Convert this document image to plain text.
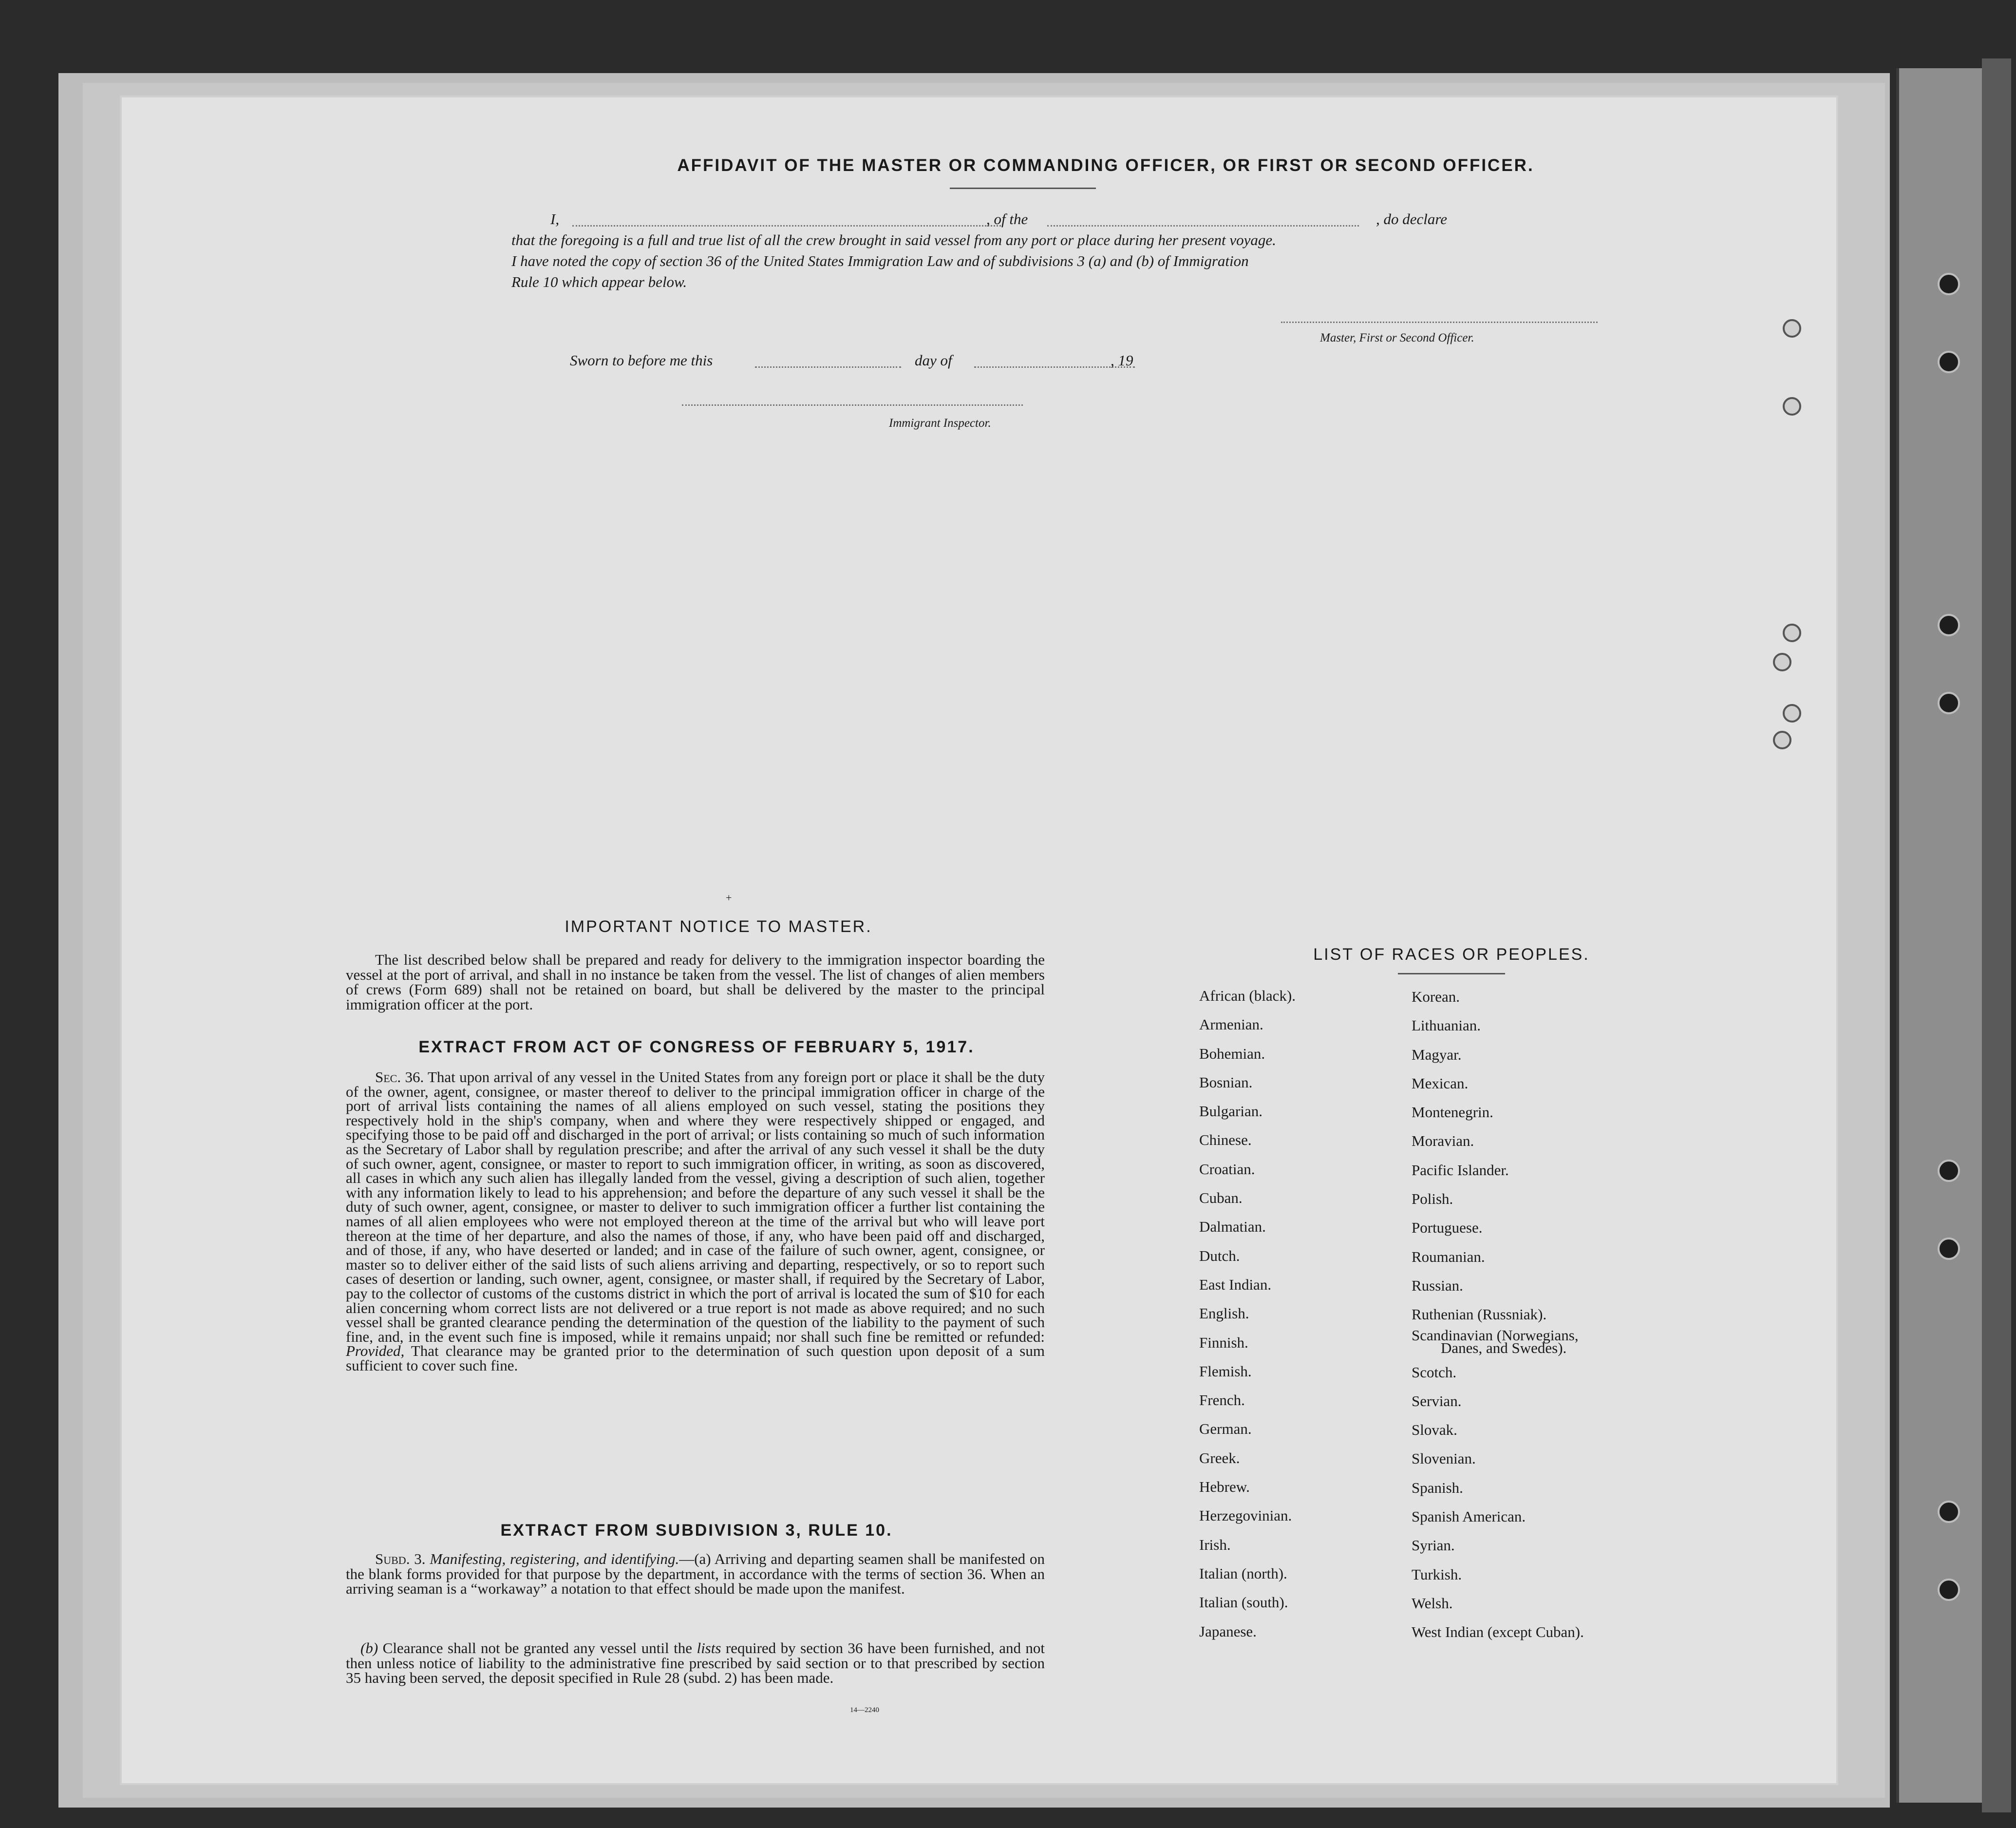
AFFIDAVIT OF THE MASTER OR COMMANDING OFFICER, OR FIRST OR SECOND OFFICER.
I,	, of the	, do declare
that the foregoing is a full and true list of all the crew brought in said vessel from any port or place during her present voyage.
I have noted the copy of section 36 of the United States Immigration Law and of subdivisions 3 (a) and (b) of Immigration
Rule 10 which appear below.
Master, First or Second Officer.
Sworn to before me this	day of	, 19
Immigrant Inspector.
+
IMPORTANT NOTICE TO MASTER.
The list described below shall be prepared and ready for delivery to the immigration inspector boarding the vessel at the port of arrival, and shall in no instance be taken from the vessel. The list of changes of alien members of crews (Form 689) shall not be retained on board, but shall be delivered by the master to the principal immigration officer at the port.
EXTRACT FROM ACT OF CONGRESS OF FEBRUARY 5, 1917.
Sec. 36. That upon arrival of any vessel in the United States from any foreign port or place it shall be the duty of the owner, agent, consignee, or master thereof to deliver to the principal immigration officer in charge of the port of arrival lists containing the names of all aliens employed on such vessel, stating the positions they respectively hold in the ship's company, when and where they were respectively shipped or engaged, and specifying those to be paid off and discharged in the port of arrival; or lists containing so much of such information as the Secretary of Labor shall by regulation prescribe; and after the arrival of any such vessel it shall be the duty of such owner, agent, consignee, or master to report to such immigration officer, in writing, as soon as discovered, all cases in which any such alien has illegally landed from the vessel, giving a description of such alien, together with any information likely to lead to his apprehension; and before the departure of any such vessel it shall be the duty of such owner, agent, consignee, or master to deliver to such immigration officer a further list containing the names of all alien employees who were not employed thereon at the time of the arrival but who will leave port thereon at the time of her departure, and also the names of those, if any, who have been paid off and discharged, and of those, if any, who have deserted or landed; and in case of the failure of such owner, agent, consignee, or master so to deliver either of the said lists of such aliens arriving and departing, respectively, or so to report such cases of desertion or landing, such owner, agent, consignee, or master shall, if required by the Secretary of Labor, pay to the collector of customs of the customs district in which the port of arrival is located the sum of $10 for each alien concerning whom correct lists are not delivered or a true report is not made as above required; and no such vessel shall be granted clearance pending the determination of the question of the liability to the payment of such fine, and, in the event such fine is imposed, while it remains unpaid; nor shall such fine be remitted or refunded: Provided, That clearance may be granted prior to the determination of such question upon deposit of a sum sufficient to cover such fine.
EXTRACT FROM SUBDIVISION 3, RULE 10.
Subd. 3. Manifesting, registering, and identifying.—(a) Arriving and departing seamen shall be manifested on the blank forms provided for that purpose by the department, in accordance with the terms of section 36. When an arriving seaman is a “workaway” a notation to that effect should be made upon the manifest.
(b) Clearance shall not be granted any vessel until the lists required by section 36 have been furnished, and not then unless notice of liability to the administrative fine prescribed by said section or to that prescribed by section 35 having been served, the deposit specified in Rule 28 (subd. 2) has been made.
14—2240
LIST OF RACES OR PEOPLES.
African (black).
Armenian.
Bohemian.
Bosnian.
Bulgarian.
Chinese.
Croatian.
Cuban.
Dalmatian.
Dutch.
East Indian.
English.
Finnish.
Flemish.
French.
German.
Greek.
Hebrew.
Herzegovinian.
Irish.
Italian (north).
Italian (south).
Japanese.
Korean.
Lithuanian.
Magyar.
Mexican.
Montenegrin.
Moravian.
Pacific Islander.
Polish.
Portuguese.
Roumanian.
Russian.
Ruthenian (Russniak).
Scandinavian (Norwegians,
Danes, and Swedes).
Scotch.
Servian.
Slovak.
Slovenian.
Spanish.
Spanish American.
Syrian.
Turkish.
Welsh.
West Indian (except Cuban).
